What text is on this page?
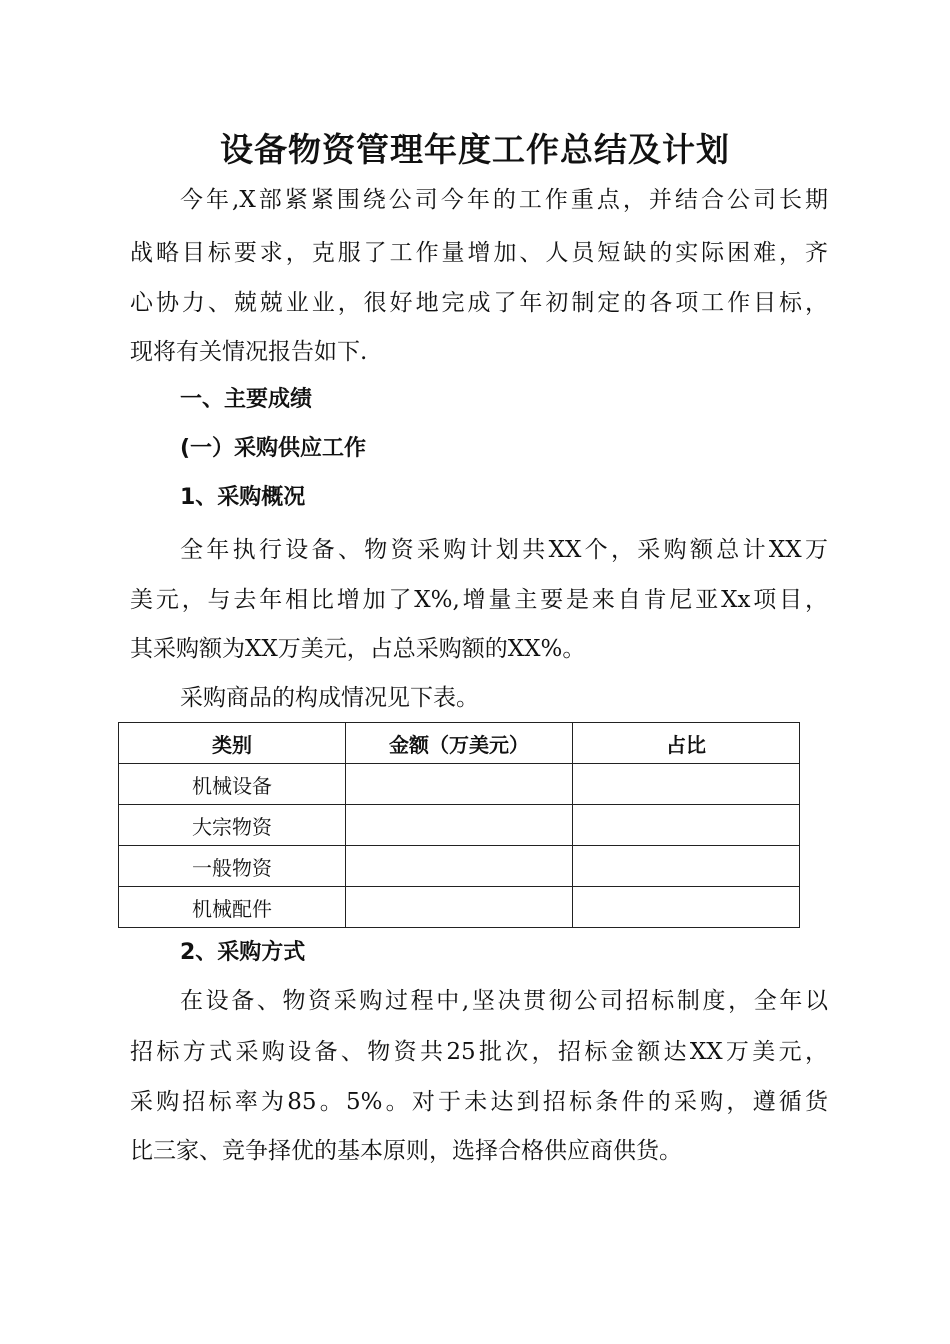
设备物资管理年度工作总结及计划
今年,X部紧紧围绕公司今年的工作重点，并结合公司长期
战略目标要求，克服了工作量增加、人员短缺的实际困难，齐
心协力、兢兢业业，很好地完成了年初制定的各项工作目标，
现将有关情况报告如下.
一、主要成绩
(一）采购供应工作
1、采购概况
全年执行设备、物资采购计划共XX个，采购额总计XX万
美元，与去年相比增加了X%,增量主要是来自肯尼亚Xx项目，
其采购额为XX万美元，占总采购额的XX%。
采购商品的构成情况见下表。
类别	金额（万美元）	占比
机械设备		
大宗物资		
一般物资		
机械配件		
2、采购方式
在设备、物资采购过程中,坚决贯彻公司招标制度，全年以
招标方式采购设备、物资共25批次，招标金额达XX万美元，
采购招标率为85。5%。对于未达到招标条件的采购，遵循货
比三家、竞争择优的基本原则，选择合格供应商供货。
